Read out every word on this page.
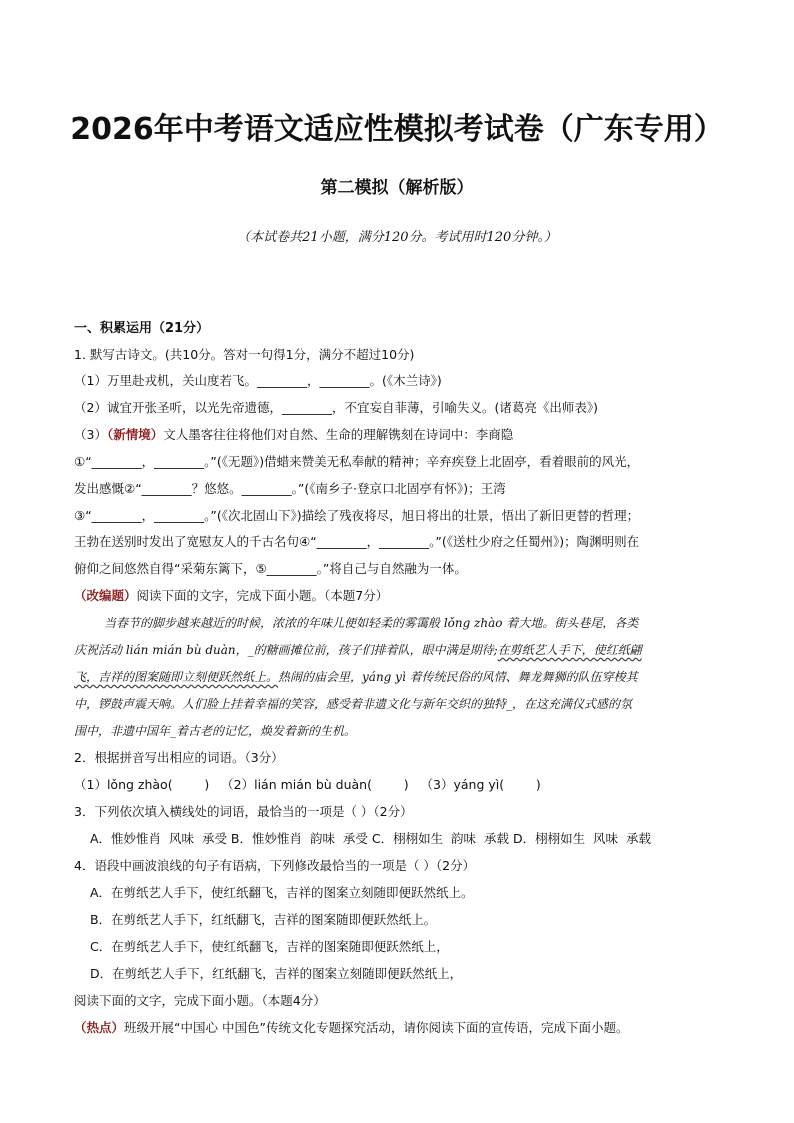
2026年中考语文适应性模拟考试卷（广东专用）
第二模拟（解析版）
（本试卷共21小题，满分120分。考试用时120分钟。）
一、积累运用（21分）
1. 默写古诗文。(共10分。答对一句得1分，满分不超过10分)
（1）万里赴戎机，关山度若飞。________，________。(《木兰诗》)
（2）诚宜开张圣听，以光先帝遗德，________，不宜妄自菲薄，引喻失义。(诸葛亮《出师表》)
（3）（新情境）文人墨客往往将他们对自然、生命的理解镌刻在诗词中：李商隐
①“________，________。”(《无题》)借蜡来赞美无私奉献的精神；辛弃疾登上北固亭，看着眼前的风光，
发出感慨②“________？悠悠。________。”(《南乡子·登京口北固亭有怀》)；王湾
③“________，________。”(《次北固山下》)描绘了残夜将尽，旭日将出的壮景，悟出了新旧更替的哲理；
王勃在送别时发出了宽慰友人的千古名句④“________，________。”(《送杜少府之任蜀州》)；陶渊明则在
俯仰之间悠然自得“采菊东篱下，⑤________。”将自己与自然融为一体。
（改编题）阅读下面的文字，完成下面小题。（本题7分）
当春节的脚步越来越近的时候，浓浓的年味儿便如轻柔的雾霭般 lǒng zhào 着大地。街头巷尾，各类
庆祝活动 lián mián bù duàn，_的糖画摊位前，孩子们排着队，眼中满是期待;在剪纸艺人手下，使红纸翩
飞，吉祥的图案随即立刻便跃然纸上。热闹的庙会里，yáng yì 着传统民俗的风情、舞龙舞狮的队伍穿梭其
中，锣鼓声震天响。人们脸上挂着幸福的笑容，感受着非遗文化与新年交织的独特_，在这充满仪式感的氛
围中，非遗中国年_着古老的记忆，焕发着新的生机。
2．根据拼音写出相应的词语。（3分）
（1）lǒng zhào(        )   （2）lián mián bù duàn(        )   （3）yáng yì(        )
3．下列依次填入横线处的词语，最恰当的一项是（ ）（2分）
A．惟妙惟肖  风味  承受 B．惟妙惟肖  韵味  承受 C．栩栩如生  韵味  承载 D．栩栩如生  风味  承载
4．语段中画波浪线的句子有语病，下列修改最恰当的一项是（ ）（2分）
A．在剪纸艺人手下，使红纸翻飞，吉祥的图案立刻随即便跃然纸上。
B．在剪纸艺人手下，红纸翻飞，吉祥的图案随即便跃然纸上。
C．在剪纸艺人手下，使红纸翻飞，吉祥的图案随即便跃然纸上，
D．在剪纸艺人手下，红纸翻飞，吉祥的图案立刻随即便跃然纸上，
阅读下面的文字，完成下面小题。（本题4分）
（热点）班级开展“中国心 中国色”传统文化专题探究活动，请你阅读下面的宣传语，完成下面小题。
